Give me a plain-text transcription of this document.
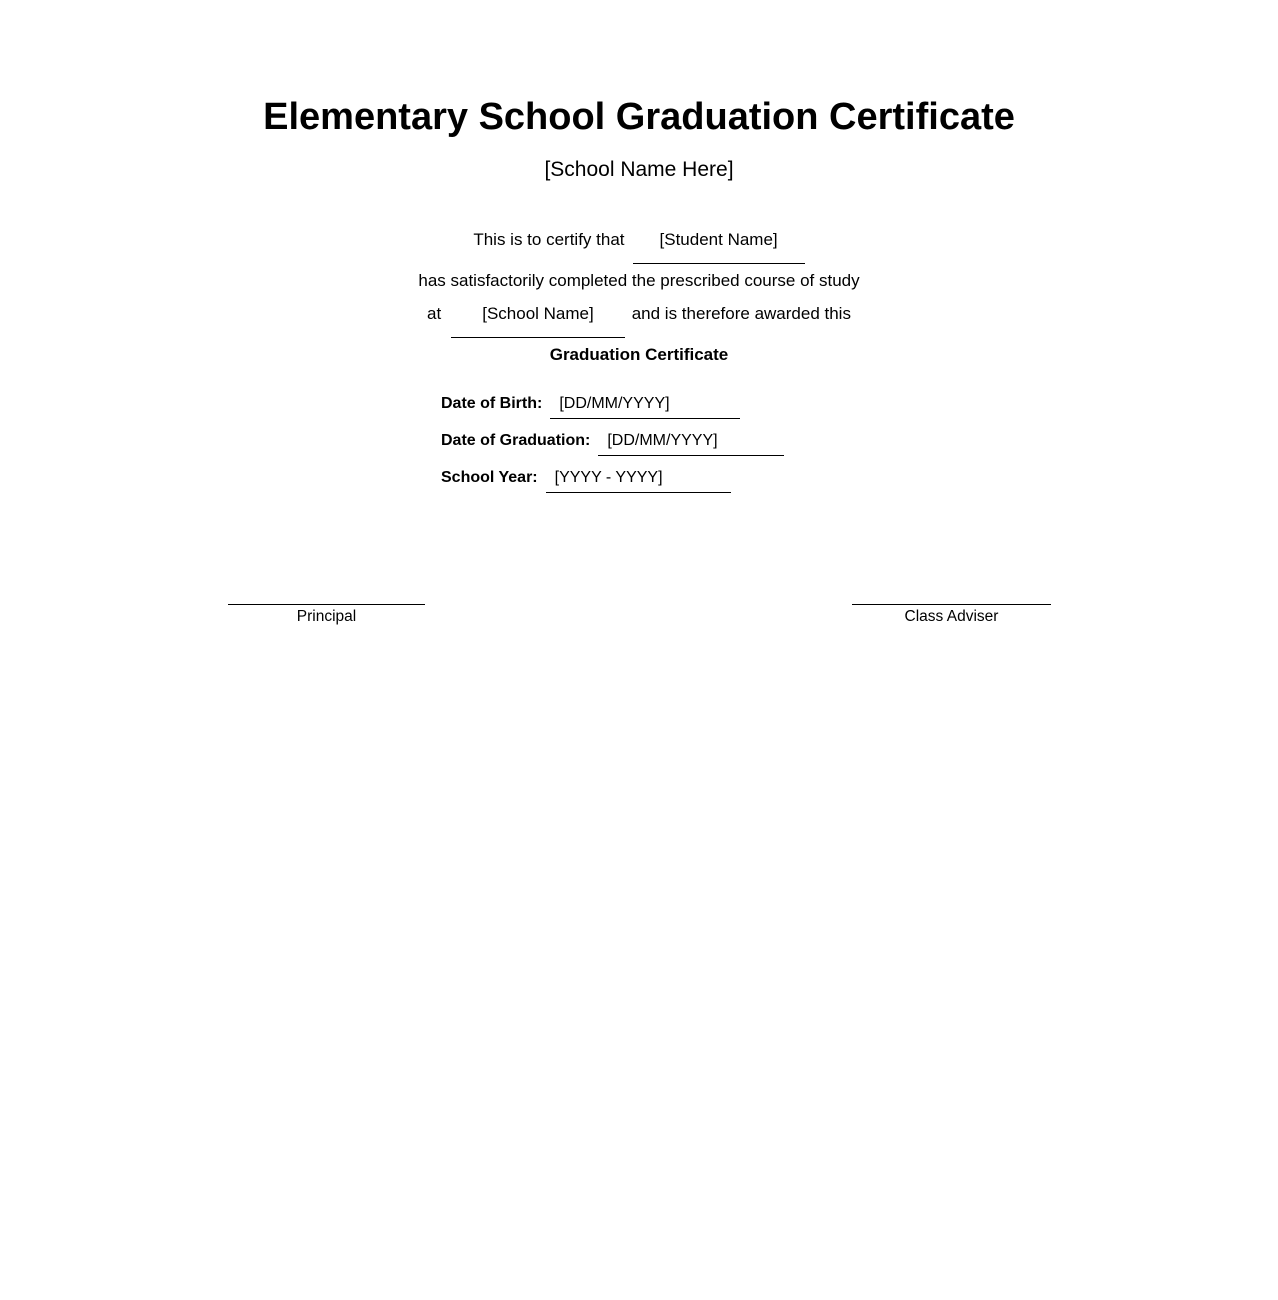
Elementary School Graduation Certificate
[School Name Here]
This is to certify that [Student Name]
has satisfactorily completed the prescribed course of study
at [School Name] and is therefore awarded this
Graduation Certificate
Date of Birth:	[DD/MM/YYYY]
Date of Graduation:	[DD/MM/YYYY]
School Year:	[YYYY - YYYY]
Principal	Class Adviser
